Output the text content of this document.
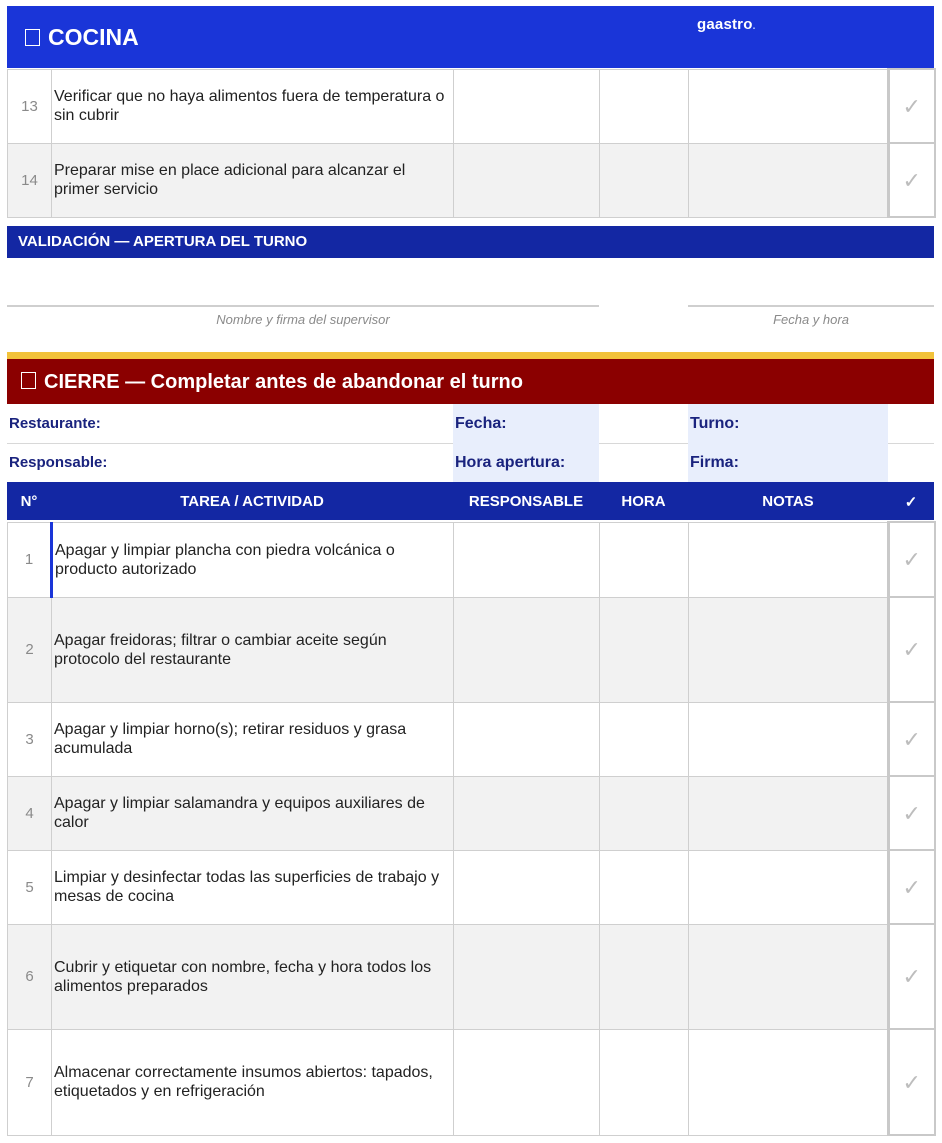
COCINA	gaastro.
13	Verificar que no haya alimentos fuera de temperatura o sin cubrir				✓
14	Preparar mise en place adicional para alcanzar el primer servicio				✓
VALIDACIÓN — APERTURA DEL TURNO
Nombre y firma del supervisor	Fecha y hora
CIERRE — Completar antes de abandonar el turno
Restaurante:	Fecha:		Turno:	
Responsable:	Hora apertura:		Firma:	
N°	TAREA / ACTIVIDAD	RESPONSABLE	HORA	NOTAS	✓
1	Apagar y limpiar plancha con piedra volcánica o producto autorizado				✓
2	Apagar freidoras; filtrar o cambiar aceite según protocolo del restaurante				✓
3	Apagar y limpiar horno(s); retirar residuos y grasa acumulada				✓
4	Apagar y limpiar salamandra y equipos auxiliares de calor				✓
5	Limpiar y desinfectar todas las superficies de trabajo y mesas de cocina				✓
6	Cubrir y etiquetar con nombre, fecha y hora todos los alimentos preparados				✓
7	Almacenar correctamente insumos abiertos: tapados, etiquetados y en refrigeración				✓
